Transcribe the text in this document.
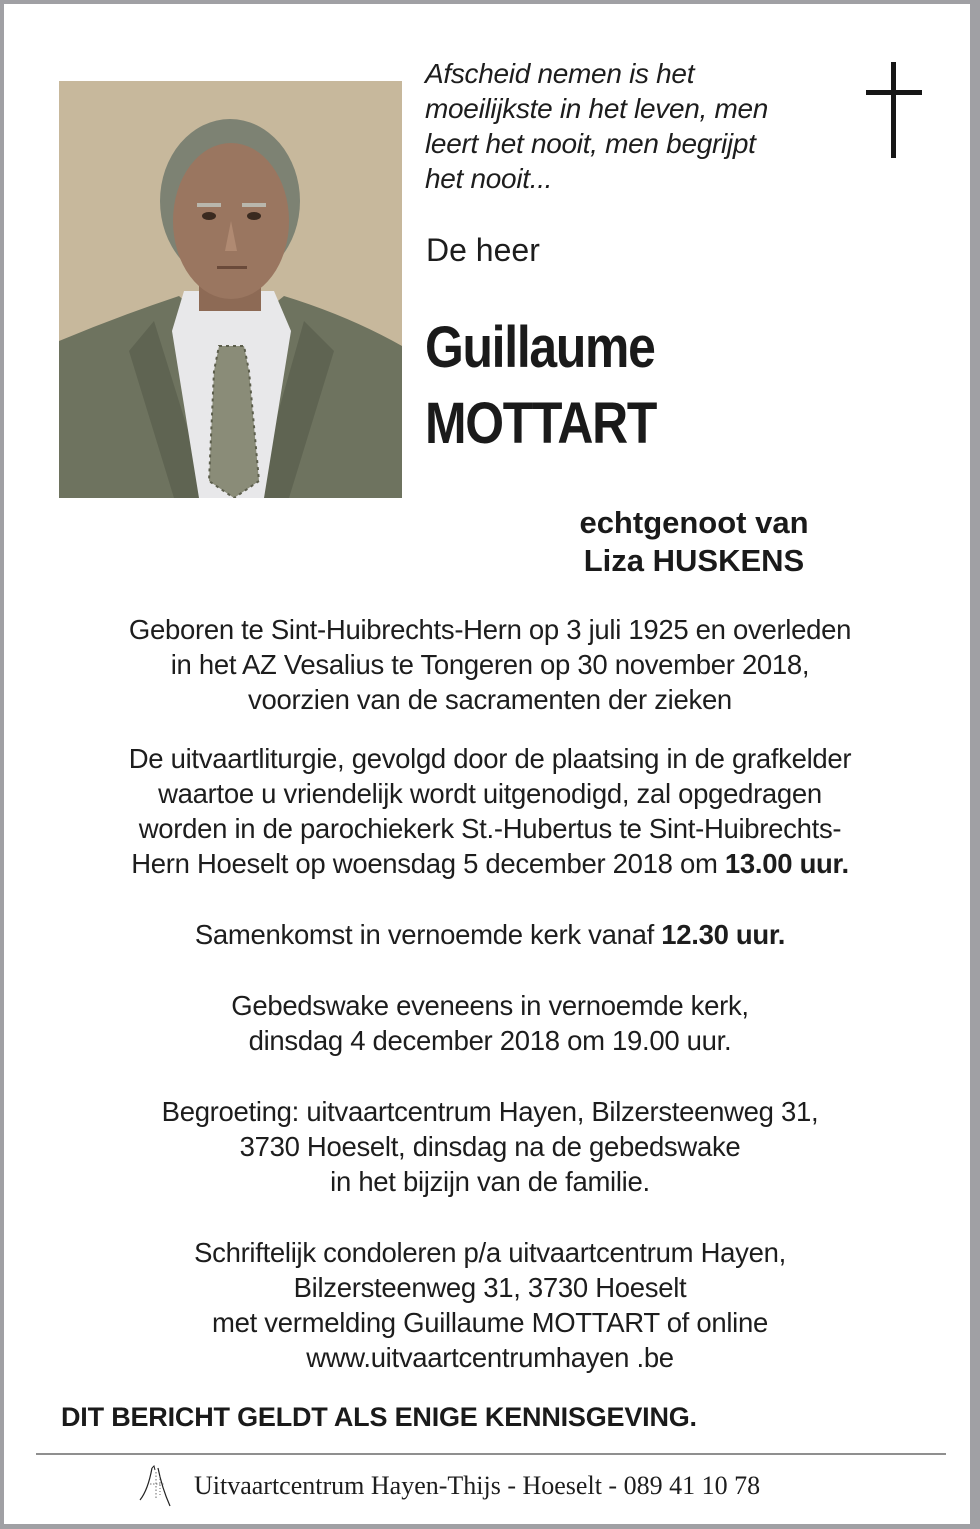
Afscheid nemen is het
moeilijkste in het leven, men
leert het nooit, men begrijpt
het nooit...
De heer
Guillaume
MOTTART
echtgenoot van
Liza HUSKENS
Geboren te Sint-Huibrechts-Hern op 3 juli 1925 en overleden
in het AZ Vesalius te Tongeren op 30 november 2018,
voorzien van de sacramenten der zieken
De uitvaartliturgie, gevolgd door de plaatsing in de grafkelder
waartoe u vriendelijk wordt uitgenodigd, zal opgedragen
worden in de parochiekerk St.-Hubertus te Sint-Huibrechts-
Hern Hoeselt op woensdag 5 december 2018 om 13.00 uur.
Samenkomst in vernoemde kerk vanaf 12.30 uur.
Gebedswake eveneens in vernoemde kerk,
dinsdag 4 december 2018 om 19.00 uur.
Begroeting: uitvaartcentrum Hayen, Bilzersteenweg 31,
3730 Hoeselt, dinsdag na de gebedswake
in het bijzijn van de familie.
Schriftelijk condoleren p/a uitvaartcentrum Hayen,
Bilzersteenweg 31, 3730 Hoeselt
met vermelding Guillaume MOTTART of online
www.uitvaartcentrumhayen .be
DIT BERICHT GELDT ALS ENIGE KENNISGEVING.
Uitvaartcentrum Hayen-Thijs - Hoeselt - 089 41 10 78
